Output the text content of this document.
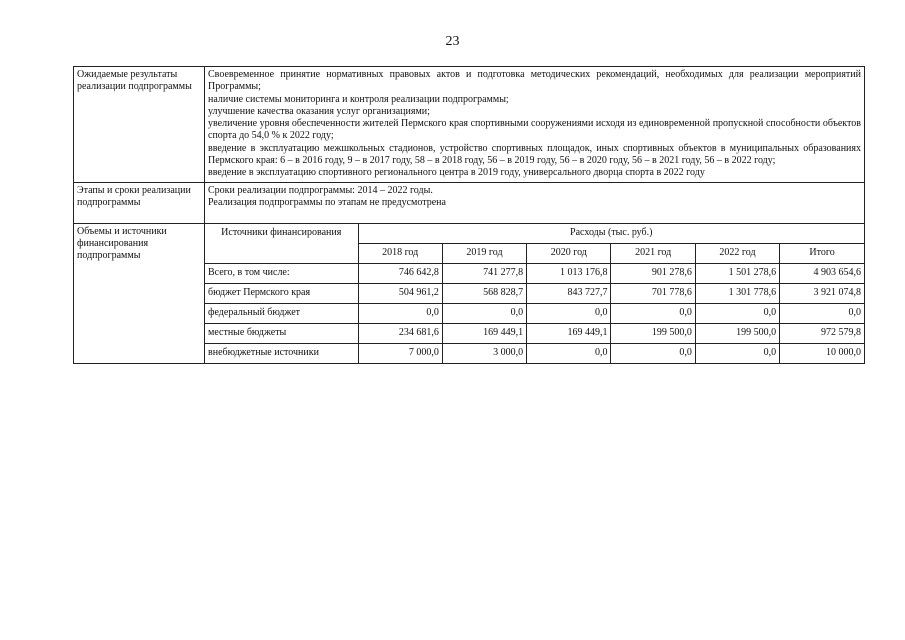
23
Ожидаемые результаты реализации подпрограммы	
Своевременное принятие нормативных правовых актов и подготовка методических рекомендаций, необходимых для реализации мероприятий Программы;
наличие системы мониторинга и контроля реализации подпрограммы;
улучшение качества оказания услуг организациями;
увеличение уровня обеспеченности жителей Пермского края спортивными сооружениями исходя из единовременной пропускной способности объектов спорта до 54,0 % к 2022 году;
введение в эксплуатацию межшкольных стадионов, устройство спортивных площадок, иных спортивных объектов в муниципальных образованиях Пермского края: 6 – в 2016 году, 9 – в 2017 году, 58 – в 2018 году, 56 – в 2019 году, 56 – в 2020 году, 56 – в 2021 году, 56 – в 2022 году;
введение в эксплуатацию спортивного регионального центра в 2019 году, универсального дворца спорта в 2022 году

Этапы и сроки реализации подпрограммы	
Сроки реализации подпрограммы: 2014 – 2022 годы.
Реализация подпрограммы по этапам не предусмотрена

Объемы и источники финансирования подпрограммы	
Источники финансирования	Расходы (тыс. руб.)
2018 год	2019 год	2020 год	2021 год	2022 год	Итого
Всего, в том числе:	746 642,8	741 277,8	1 013 176,8	901 278,6	1 501 278,6	4 903 654,6
бюджет Пермского края	504 961,2	568 828,7	843 727,7	701 778,6	1 301 778,6	3 921 074,8
федеральный бюджет	0,0	0,0	0,0	0,0	0,0	0,0
местные бюджеты	234 681,6	169 449,1	169 449,1	199 500,0	199 500,0	972 579,8
внебюджетные источники	7 000,0	3 000,0	0,0	0,0	0,0	10 000,0
